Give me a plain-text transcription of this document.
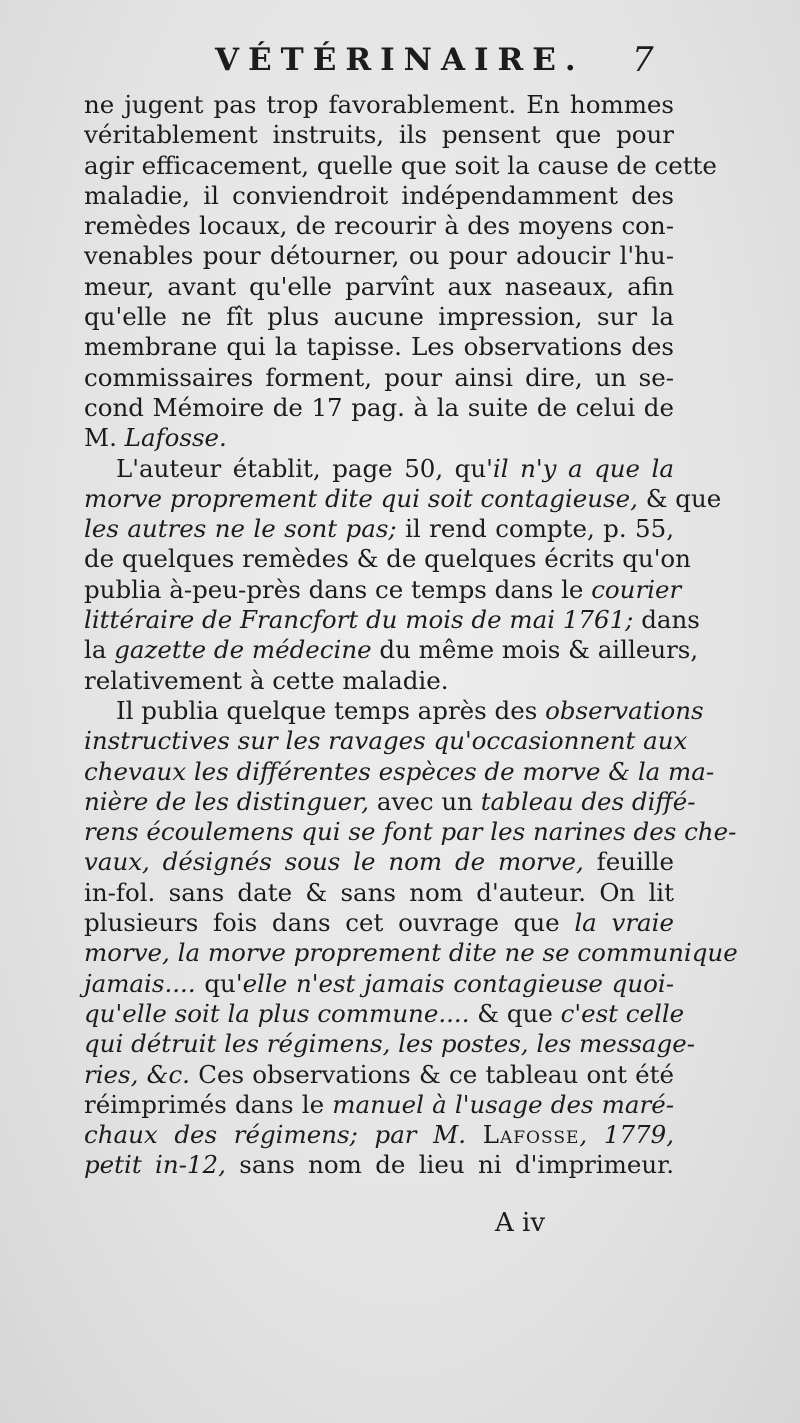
VÉTÉRINAIRE. 7
ne jugent pas trop favorablement. En hommes
véritablement instruits, ils pensent que pour
agir efficacement, quelle que soit la cause de cette
maladie, il conviendroit indépendamment des
remèdes locaux, de recourir à des moyens con-
venables pour détourner, ou pour adoucir l'hu-
meur, avant qu'elle parvînt aux naseaux, afin
qu'elle ne fît plus aucune impression, sur la
membrane qui la tapisse. Les observations des
commissaires forment, pour ainsi dire, un se-
cond Mémoire de 17 pag. à la suite de celui de
M. Lafosse.
L'auteur établit, page 50, qu'il n'y a que la
morve proprement dite qui soit contagieuse, & que
les autres ne le sont pas; il rend compte, p. 55,
de quelques remèdes & de quelques écrits qu'on
publia à-peu-près dans ce temps dans le courier
littéraire de Francfort du mois de mai 1761; dans
la gazette de médecine du même mois & ailleurs,
relativement à cette maladie.
Il publia quelque temps après des observations
instructives sur les ravages qu'occasionnent aux
chevaux les différentes espèces de morve & la ma-
nière de les distinguer, avec un tableau des diffé-
rens écoulemens qui se font par les narines des che-
vaux, désignés sous le nom de morve, feuille
in-fol. sans date & sans nom d'auteur. On lit
plusieurs fois dans cet ouvrage que la vraie
morve, la morve proprement dite ne se communique
jamais.... qu'elle n'est jamais contagieuse quoi-
qu'elle soit la plus commune.... & que c'est celle
qui détruit les régimens, les postes, les message-
ries, &c. Ces observations & ce tableau ont été
réimprimés dans le manuel à l'usage des maré-
chaux des régimens; par M. Lafosse, 1779,
petit in-12, sans nom de lieu ni d'imprimeur.
A iv
